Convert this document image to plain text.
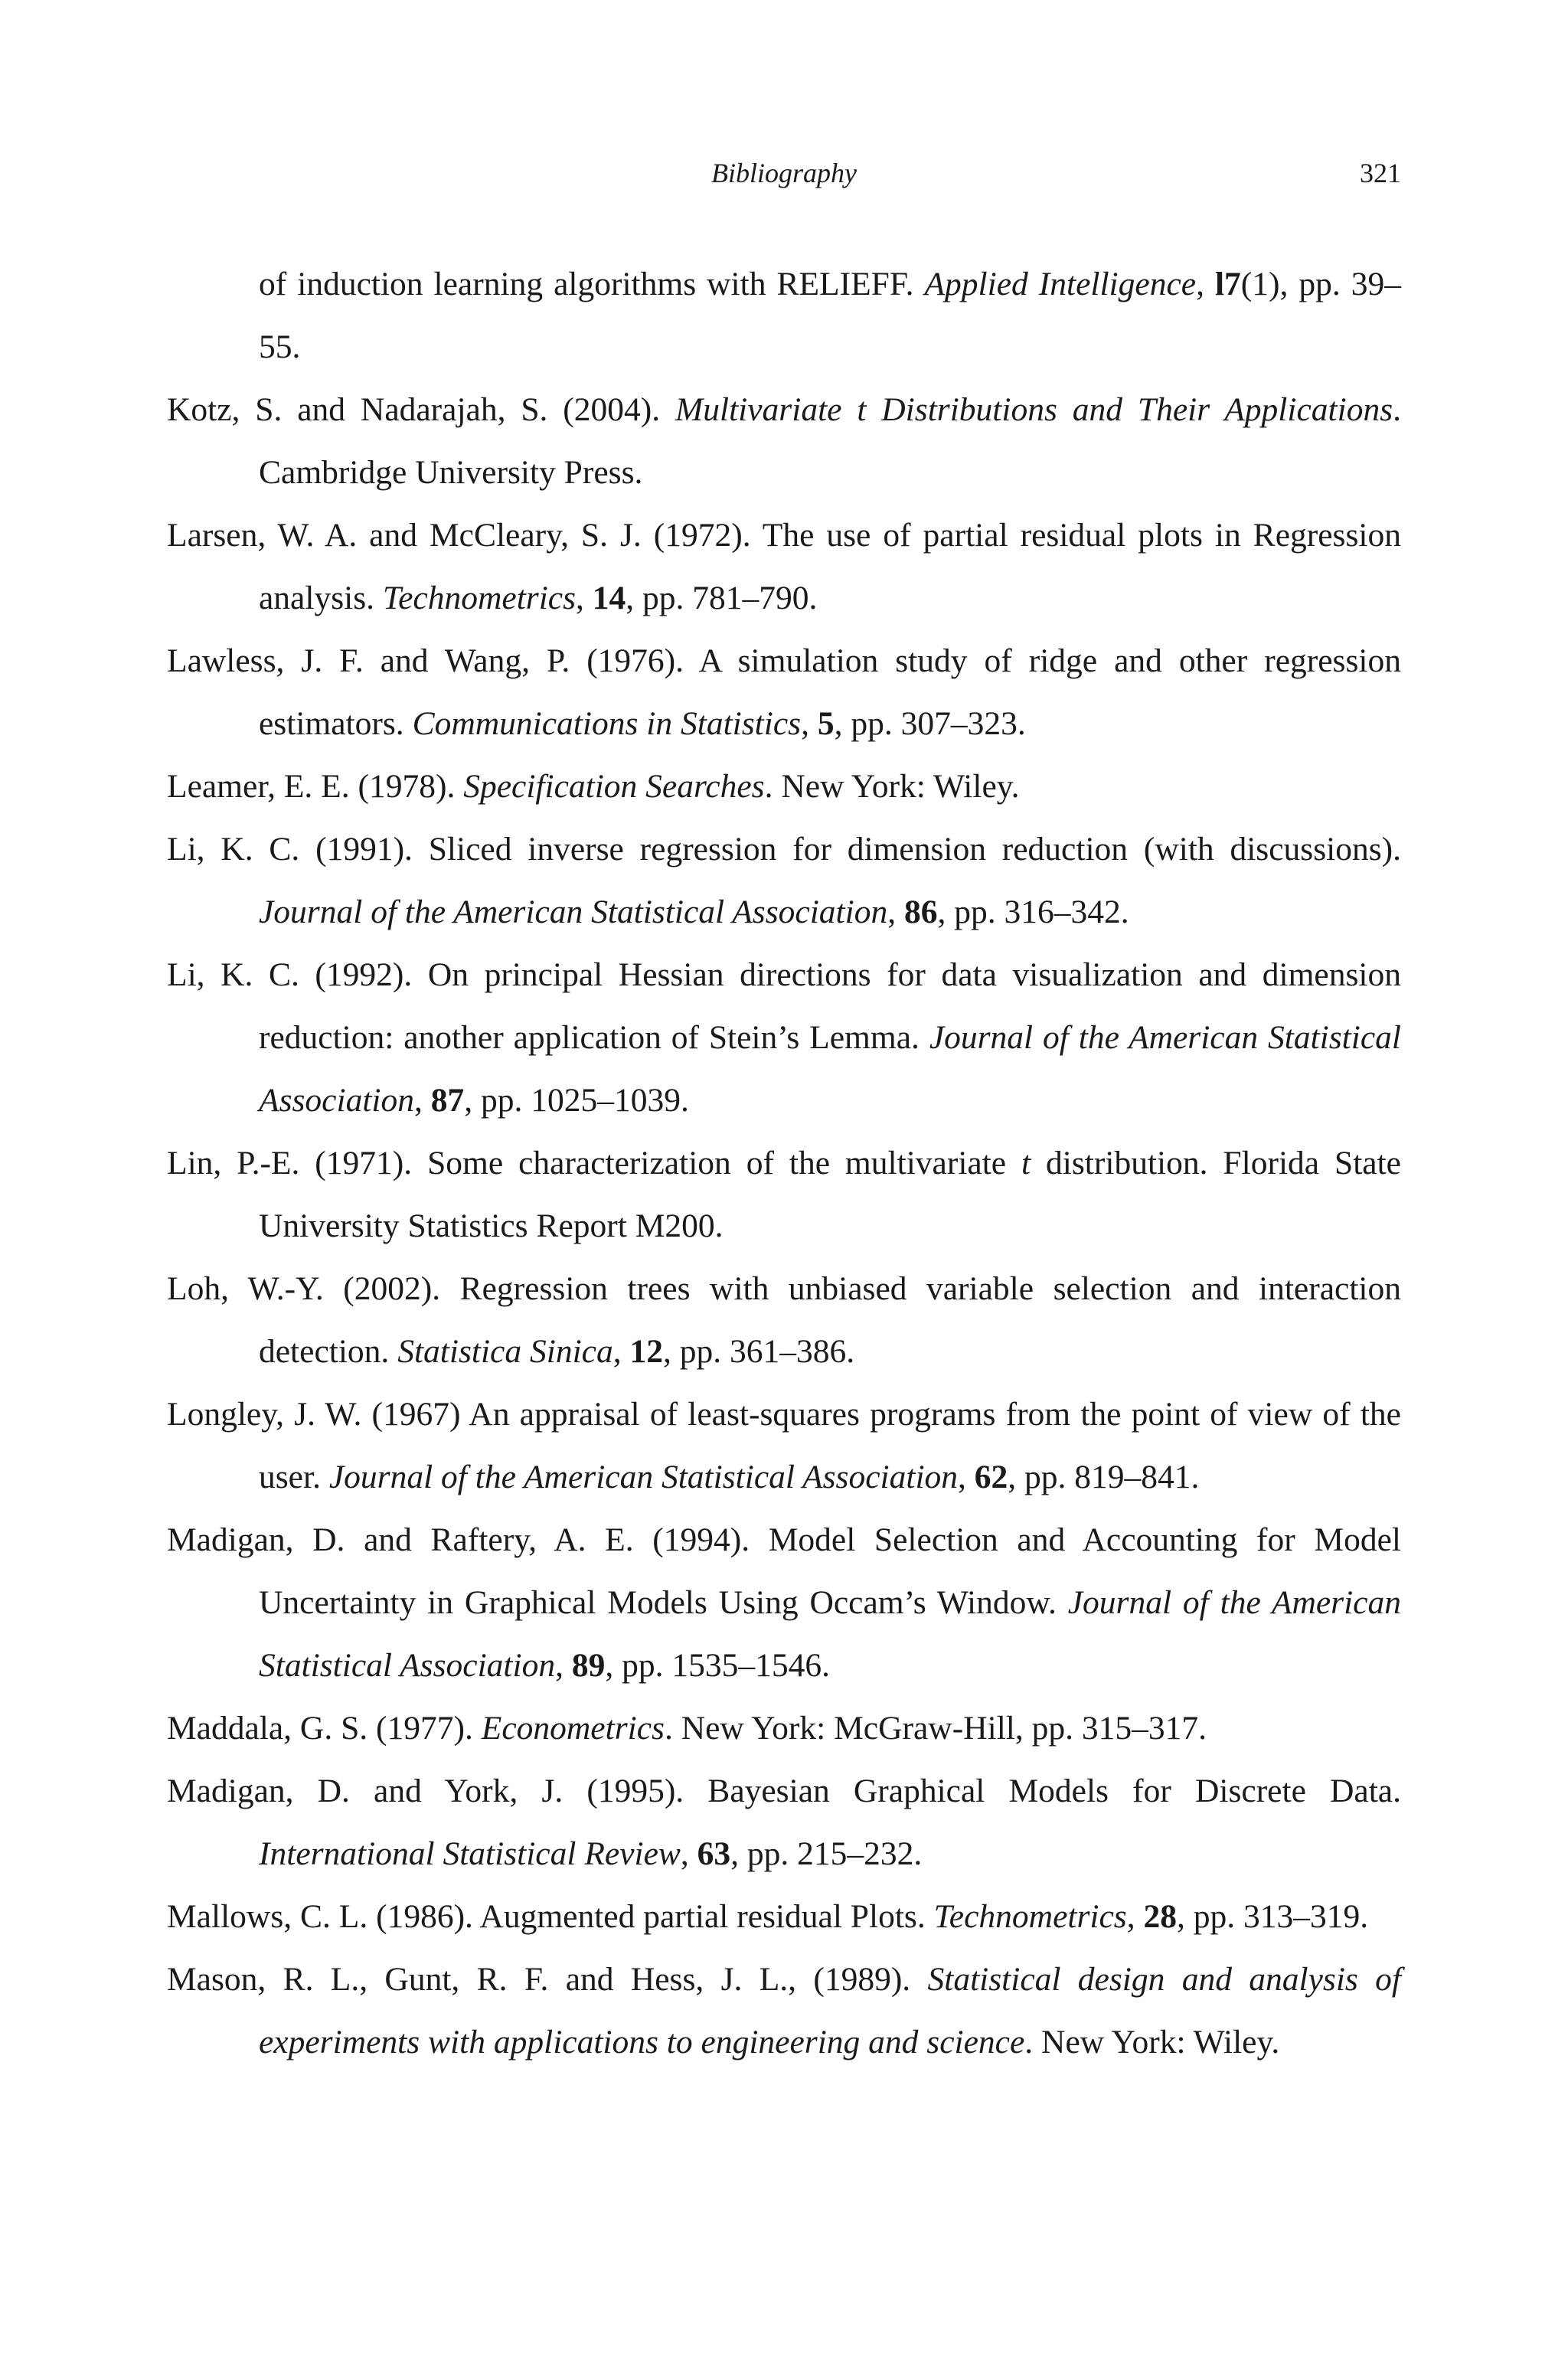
Bibliography	321
of induction learning algorithms with RELIEFF. Applied Intelligence, l7(1), pp. 39–55.
Kotz, S. and Nadarajah, S. (2004). Multivariate t Distributions and Their Applications. Cambridge University Press.
Larsen, W. A. and McCleary, S. J. (1972). The use of partial residual plots in Regression analysis. Technometrics, 14, pp. 781–790.
Lawless, J. F. and Wang, P. (1976). A simulation study of ridge and other regression estimators. Communications in Statistics, 5, pp. 307–323.
Leamer, E. E. (1978). Specification Searches. New York: Wiley.
Li, K. C. (1991). Sliced inverse regression for dimension reduction (with discussions). Journal of the American Statistical Association, 86, pp. 316–342.
Li, K. C. (1992). On principal Hessian directions for data visualization and dimension reduction: another application of Stein’s Lemma. Journal of the American Statistical Association, 87, pp. 1025–1039.
Lin, P.-E. (1971). Some characterization of the multivariate t distribution. Florida State University Statistics Report M200.
Loh, W.-Y. (2002). Regression trees with unbiased variable selection and interaction detection. Statistica Sinica, 12, pp. 361–386.
Longley, J. W. (1967) An appraisal of least-squares programs from the point of view of the user. Journal of the American Statistical Association, 62, pp. 819–841.
Madigan, D. and Raftery, A. E. (1994). Model Selection and Accounting for Model Uncertainty in Graphical Models Using Occam’s Window. Journal of the American Statistical Association, 89, pp. 1535–1546.
Maddala, G. S. (1977). Econometrics. New York: McGraw-Hill, pp. 315–317.
Madigan, D. and York, J. (1995). Bayesian Graphical Models for Discrete Data. International Statistical Review, 63, pp. 215–232.
Mallows, C. L. (1986). Augmented partial residual Plots. Technometrics, 28, pp. 313–319.
Mason, R. L., Gunt, R. F. and Hess, J. L., (1989). Statistical design and analysis of experiments with applications to engineering and science. New York: Wiley.
